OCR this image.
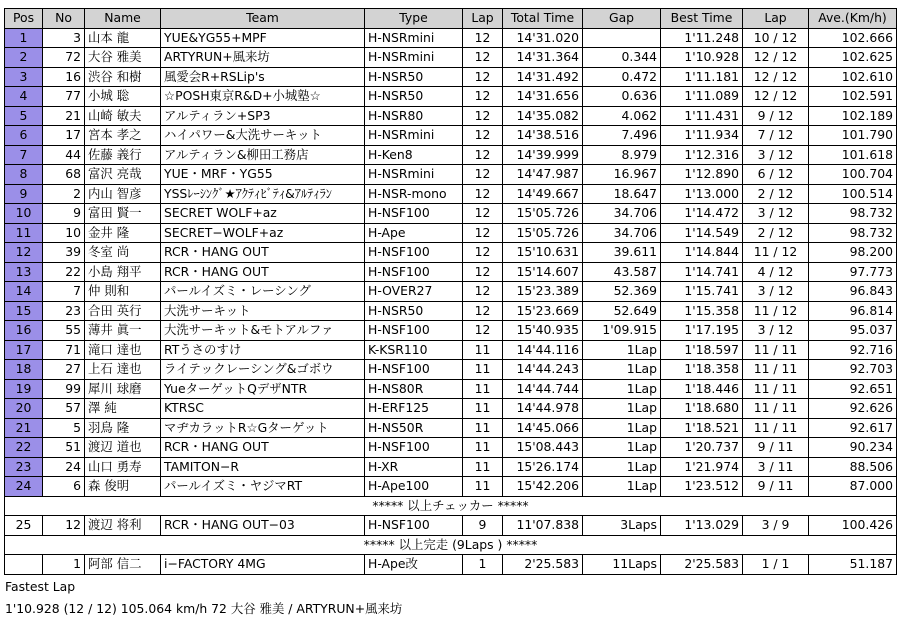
Pos	No	Name	Team	Type	Lap	Total Time	Gap	Best Time	Lap	Ave.(Km/h)
1	3	山本 龍	YUE&YG55+MPF	H-NSRmini	12	14'31.020		1'11.248	10 / 12	102.666
2	72	大谷 雅美	ARTYRUN+風来坊	H-NSRmini	12	14'31.364	0.344	1'10.928	12 / 12	102.625
3	16	渋谷 和樹	風愛会R+RSLip's	H-NSR50	12	14'31.492	0.472	1'11.181	12 / 12	102.610
4	77	小城 聡	☆POSH東京R&D+小城塾☆	H-NSR50	12	14'31.656	0.636	1'11.089	12 / 12	102.591
5	21	山崎 敏夫	アルティラン+SP3	H-NSR80	12	14'35.082	4.062	1'11.431	9 / 12	102.189
6	17	宮本 孝之	ハイパワー&大洗サーキット	H-NSRmini	12	14'38.516	7.496	1'11.934	7 / 12	101.790
7	44	佐藤 義行	アルティラン&柳田工務店	H-Ken8	12	14'39.999	8.979	1'12.316	3 / 12	101.618
8	68	富沢 亮哉	YUE・MRF・YG55	H-NSRmini	12	14'47.987	16.967	1'12.890	6 / 12	100.704
9	2	内山 智彦	YSSﾚｰｼﾝｸﾞ★ｱｸﾃｨﾋﾞﾃｨ&ｱﾙﾃｨﾗﾝ	H-NSR-mono	12	14'49.667	18.647	1'13.000	2 / 12	100.514
10	9	富田 賢一	SECRET WOLF+az	H-NSF100	12	15'05.726	34.706	1'14.472	3 / 12	98.732
11	10	金井 隆	SECRET−WOLF+az	H-Ape	12	15'05.726	34.706	1'14.549	2 / 12	98.732
12	39	冬室 尚	RCR・HANG OUT	H-NSF100	12	15'10.631	39.611	1'14.844	11 / 12	98.200
13	22	小島 翔平	RCR・HANG OUT	H-NSF100	12	15'14.607	43.587	1'14.741	4 / 12	97.773
14	7	仲 則和	パールイズミ・レーシング	H-OVER27	12	15'23.389	52.369	1'15.741	3 / 12	96.843
15	23	合田 英行	大洗サーキット	H-NSR50	12	15'23.669	52.649	1'15.358	11 / 12	96.814
16	55	薄井 眞一	大洗サーキット&モトアルファ	H-NSF100	12	15'40.935	1'09.915	1'17.195	3 / 12	95.037
17	71	滝口 達也	RTうさのすけ	K-KSR110	11	14'44.116	1Lap	1'18.597	11 / 11	92.716
18	27	上石 達也	ライテックレーシング&ゴボウ	H-NSF100	11	14'44.243	1Lap	1'18.358	11 / 11	92.703
19	99	犀川 球磨	YueターゲットQデザNTR	H-NS80R	11	14'44.744	1Lap	1'18.446	11 / 11	92.651
20	57	澤 純	KTRSC	H-ERF125	11	14'44.978	1Lap	1'18.680	11 / 11	92.626
21	5	羽鳥 隆	マヂカラットR☆Gターゲット	H-NS50R	11	14'45.066	1Lap	1'18.521	11 / 11	92.617
22	51	渡辺 道也	RCR・HANG OUT	H-NSF100	11	15'08.443	1Lap	1'20.737	9 / 11	90.234
23	24	山口 勇寿	TAMITON−R	H-XR	11	15'26.174	1Lap	1'21.974	3 / 11	88.506
24	6	森 俊明	パールイズミ・ヤジマRT	H-Ape100	11	15'42.206	1Lap	1'23.512	9 / 11	87.000
***** 以上チェッカー *****										
25	12	渡辺 将利	RCR・HANG OUT−03	H-NSF100	9	11'07.838	3Laps	1'13.029	3 / 9	100.426
***** 以上完走 (9Laps ) *****										
	1	阿部 信二	i−FACTORY 4MG	H-Ape改	1	2'25.583	11Laps	2'25.583	1 / 1	51.187
Fastest Lap
1'10.928 (12 / 12) 105.064 km/h 72 大谷 雅美 / ARTYRUN+風来坊
